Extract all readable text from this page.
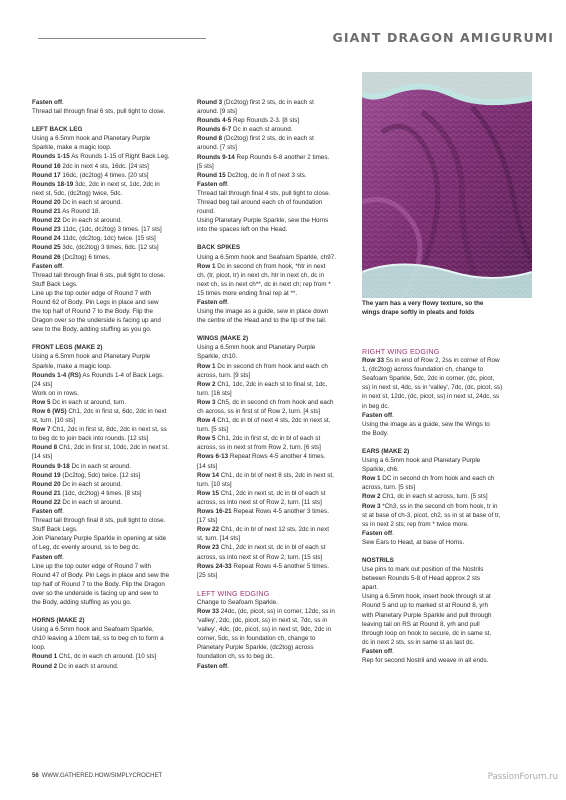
GIANT DRAGON AMIGURUMI
Fasten off.
Thread tail through final 6 sts, pull tight to close.
LEFT BACK LEG
Using a 6.5mm hook and Planetary Purple
Sparkle, make a magic loop.
Rounds 1-15 As Rounds 1-15 of Right Back Leg.
Round 16 2dc in next 4 sts, 16dc. [24 sts]
Round 17 16dc, (dc2tog) 4 times. [20 sts]
Rounds 18-19 3dc, 2dc in next st, 1dc, 2dc in
next st, 5dc, (dc2tog) twice, 5dc.
Round 20 Dc in each st around.
Round 21 As Round 18.
Round 22 Dc in each st around.
Round 23 11dc, (1dc, dc2tog) 3 times. [17 sts]
Round 24 11dc, (dc2tog, 1dc) twice. [15 sts]
Round 25 3dc, (dc2tog) 3 times, 6dc. [12 sts]
Round 26 (Dc2tog) 6 times.
Fasten off.
Thread tail through final 6 sts, pull tight to close.
Stuff Back Legs.
Line up the top outer edge of Round 7 with
Round 62 of Body. Pin Legs in place and sew
the top half of Round 7 to the Body. Flip the
Dragon over so the underside is facing up and
sew to the Body, adding stuffing as you go.
FRONT LEGS (MAKE 2)
Using a 6.5mm hook and Planetary Purple
Sparkle, make a magic loop.
Rounds 1-4 (RS) As Rounds 1-4 of Back Legs.
[24 sts]
Work on in rows.
Row 5 Dc in each st around, turn.
Row 6 (WS) Ch1, 2dc in first st, 6dc, 2dc in next
st, turn. [10 sts]
Row 7 Ch1, 2dc in first st, 8dc, 2dc in next st, ss
to beg dc to join back into rounds. [12 sts]
Round 8 Ch1, 2dc in first st, 10dc, 2dc in next st.
[14 sts]
Rounds 9-18 Dc in each st around.
Round 19 (Dc2tog, 5dc) twice. [12 sts]
Round 20 Dc in each st around.
Round 21 (1dc, dc2tog) 4 times. [8 sts]
Round 22 Dc in each st around.
Fasten off.
Thread tail through final 8 sts, pull tight to close.
Stuff Back Legs.
Join Planetary Purple Sparkle in opening at side
of Leg, dc evenly around, ss to beg dc.
Fasten off.
Line up the top outer edge of Round 7 with
Round 47 of Body. Pin Legs in place and sew the
top half of Round 7 to the Body. Flip the Dragon
over so the underside is facing up and sew to
the Body, adding stuffing as you go.
HORNS (MAKE 2)
Using a 6.5mm hook and Seafoam Sparkle,
ch10 leaving a 10cm tail, ss to beg ch to form a
loop.
Round 1 Ch1, dc in each ch around. [10 sts]
Round 2 Dc in each st around.
Round 3 (Dc2tog) first 2 sts, dc in each st
around. [9 sts]
Rounds 4-5 Rep Rounds 2-3. [8 sts]
Rounds 6-7 Dc in each st around.
Round 8 (Dc2tog) first 2 sts, dc in each st
around. [7 sts]
Rounds 9-14 Rep Rounds 6-8 another 2 times.
[5 sts]
Round 15 Dc2tog, dc in fl of next 3 sts.
Fasten off.
Thread tail through final 4 sts, pull tight to close.
Thread beg tail around each ch of foundation
round.
Using Planetary Purple Sparkle, sew the Horns
into the spaces left on the Head.
BACK SPIKES
Using a 6.5mm hook and Seafoam Sparkle, ch97.
Row 1 Dc in second ch from hook, *htr in next
ch, (tr, picot, tr) in next ch, htr in next ch, dc in
next ch, ss in next ch**, dc in next ch; rep from *
15 times more ending final rep at **.
Fasten off.
Using the image as a guide, sew in place down
the centre of the Head and to the tip of the tail.
WINGS (MAKE 2)
Using a 6.5mm hook and Planetary Purple
Sparkle, ch10.
Row 1 Dc in second ch from hook and each ch
across, turn. [9 sts]
Row 2 Ch1, 1dc, 2dc in each st to final st, 1dc,
turn. [16 sts]
Row 3 Ch5, dc in second ch from hook and each
ch across, ss in first st of Row 2, turn. [4 sts]
Row 4 Ch1, dc in bl of next 4 sts, 2dc in next st,
turn. [5 sts]
Row 5 Ch1, 2dc in first st, dc in bl of each st
across, ss in next st from Row 2, turn. [6 sts]
Rows 6-13 Repeat Rows 4-5 another 4 times.
[14 sts]
Row 14 Ch1, dc in bl of next 8 sts, 2dc in next st,
turn. [10 sts]
Row 15 Ch1, 2dc in next st, dc in bl of each st
across, ss into next st of Row 2, turn. [11 sts]
Rows 16-21 Repeat Rows 4-5 another 3 times.
[17 sts]
Row 22 Ch1, dc in bl of next 12 sts, 2dc in next
st, turn. [14 sts]
Row 23 Ch1, 2dc in next st, dc in bl of each st
across, ss into next st of Row 2, turn. [15 sts]
Rows 24-33 Repeat Rows 4-5 another 5 times.
[25 sts]
LEFT WING EDGING
Change to Seafoam Sparkle.
Row 33 24dc, (dc, picot, ss) in corner, 12dc, ss in
'valley', 2dc, (dc, picot, ss) in next st, 7dc, ss in
'valley', 4dc, (dc, picot, ss) in next st, 9dc, 2dc in
corner, 5dc, ss in foundation ch, change to
Planetary Purple Sparkle, (dc2tog) across
foundation ch, ss to beg dc.
Fasten off.
The yarn has a very flowy texture, so the
wings drape softly in pleats and folds
RIGHT WING EDGING
Row 33 Ss in end of Row 2, 2ss in corner of Row
1, (dc2tog) across foundation ch, change to
Seafoam Sparkle, 5dc, 2dc in corner, (dc, picot,
ss) in next st, 4dc, ss in 'valley', 7dc, (dc, picot, ss)
in next st, 12dc, (dc, picot, ss) in next st, 24dc, ss
in beg dc.
Fasten off.
Using the image as a guide, sew the Wings to
the Body.
EARS (MAKE 2)
Using a 6.5mm hook and Planetary Purple
Sparkle, ch6.
Row 1 DC in second ch from hook and each ch
across, turn. [5 sts]
Row 2 Ch1, dc in each st across, turn. [5 sts]
Row 3 *Ch3, ss in the second ch from hook, tr in
st at base of ch-3, picot, ch2, ss in st at base of tr,
ss in next 2 sts; rep from * twice more.
Fasten off.
Sew Ears to Head, at base of Horns.
NOSTRILS
Use pins to mark out position of the Nostrils
between Rounds 5-8 of Head approx 2 sts
apart.
Using a 6.5mm hook, insert hook through st at
Round 5 and up to marked st at Round 8, yrh
with Planetary Purple Sparkle and pull through
leaving tail on RS at Round 8, yrh and pull
through loop on hook to secure, dc in same st,
dc in next 2 sts, ss in same st as last dc.
Fasten off.
Rep for second Nostril and weave in all ends.
56 WWW.GATHERED.HOW/SIMPLYCROCHET	PassionForum.ru
